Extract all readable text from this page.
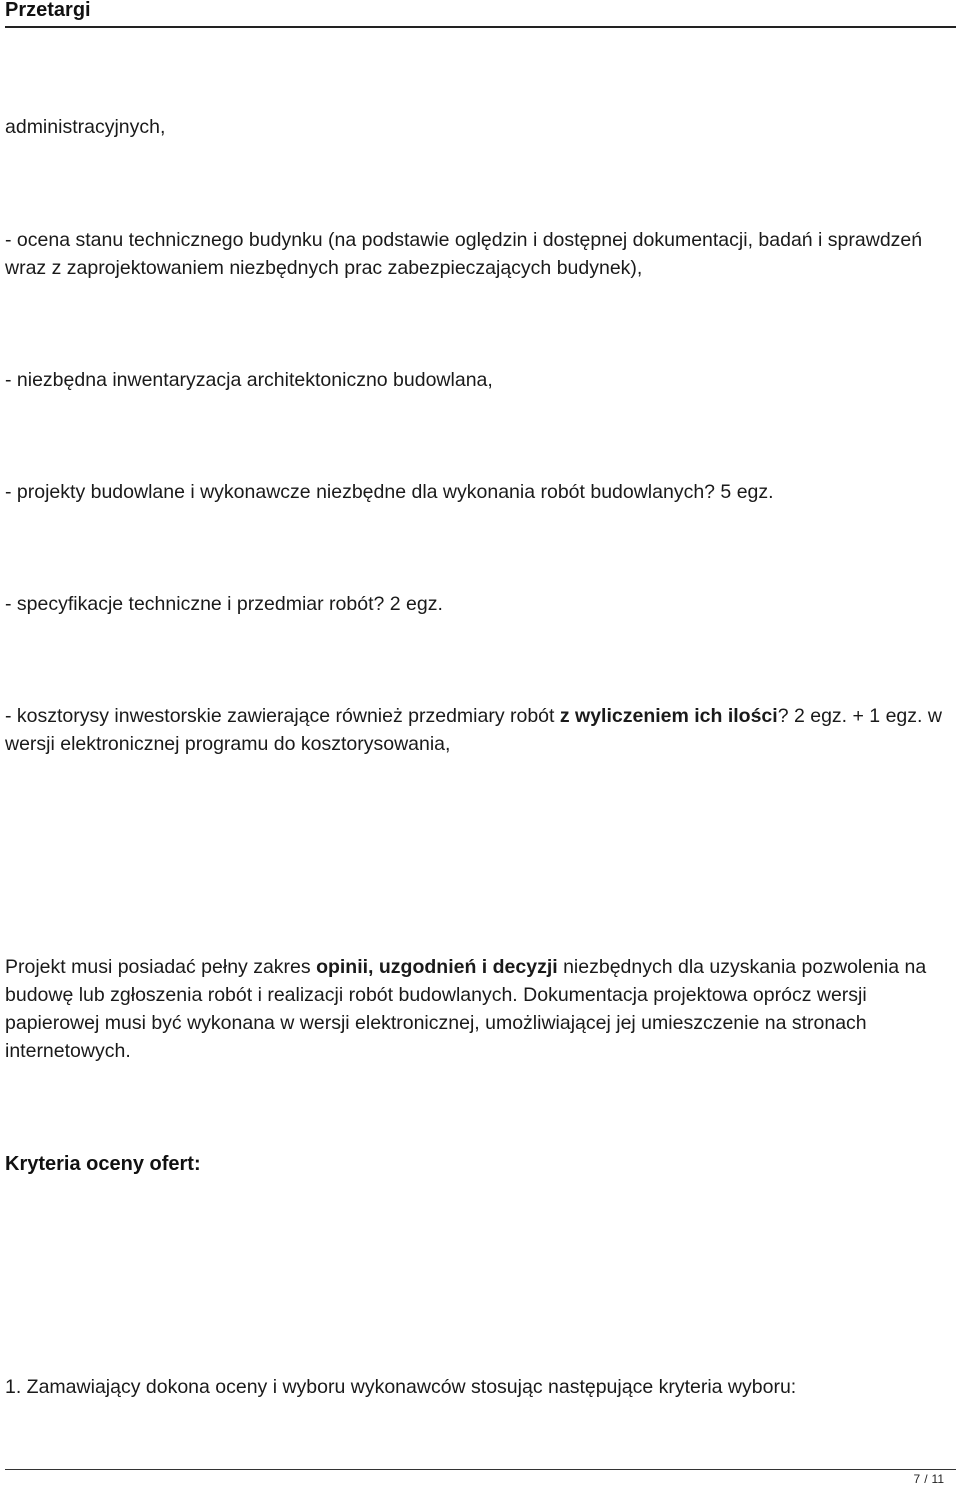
Przetargi

administracyjnych,

- ocena stanu technicznego budynku (na podstawie oględzin i dostępnej dokumentacji, badań i sprawdzeń wraz z zaprojektowaniem niezbędnych prac zabezpieczających budynek),

- niezbędna inwentaryzacja architektoniczno budowlana,

- projekty budowlane i wykonawcze niezbędne dla wykonania robót budowlanych? 5 egz.

- specyfikacje techniczne i przedmiar robót? 2 egz.

- kosztorysy inwestorskie zawierające również przedmiary robót z wyliczeniem ich ilości? 2 egz. + 1 egz. w wersji elektronicznej programu do kosztorysowania,

Projekt musi posiadać pełny zakres opinii, uzgodnień i decyzji niezbędnych dla uzyskania pozwolenia na budowę lub zgłoszenia robót i realizacji robót budowlanych. Dokumentacja projektowa oprócz wersji papierowej musi być wykonana w wersji elektronicznej, umożliwiającej jej umieszczenie na stronach internetowych.

Kryteria oceny ofert:

1. Zamawiający dokona oceny i wyboru wykonawców stosując następujące kryteria wyboru:

7 / 11
